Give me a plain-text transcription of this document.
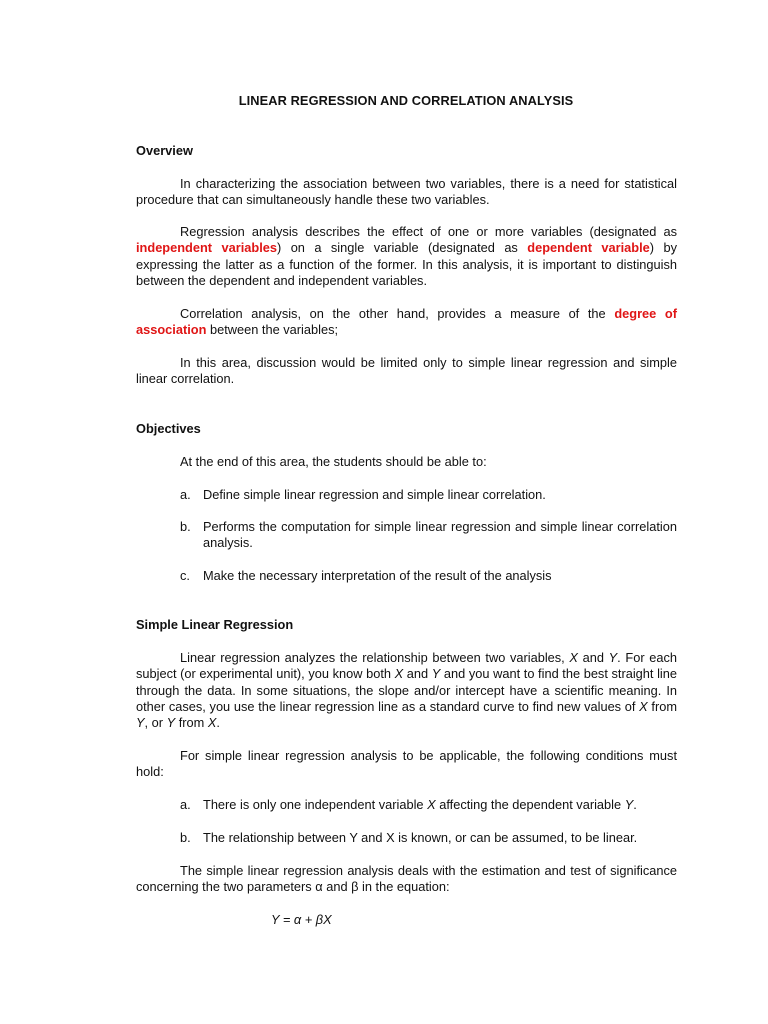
LINEAR REGRESSION AND CORRELATION ANALYSIS
Overview

In characterizing the association between two variables, there is a need for statistical procedure that can simultaneously handle these two variables.

Regression analysis describes the effect of one or more variables (designated as independent variables) on a single variable (designated as dependent variable) by expressing the latter as a function of the former. In this analysis, it is important to distinguish between the dependent and independent variables.

Correlation analysis, on the other hand, provides a measure of the degree of association between the variables;

In this area, discussion would be limited only to simple linear regression and simple linear correlation.

Objectives

At the end of this area, the students should be able to:

a. Define simple linear regression and simple linear correlation.
b. Performs the computation for simple linear regression and simple linear correlation analysis.
c.	Make the necessary interpretation of the result of the analysis
Simple Linear Regression

Linear regression analyzes the relationship between two variables, X and Y. For each subject (or experimental unit), you know both X and Y and you want to find the best straight line through the data. In some situations, the slope and/or intercept have a scientific meaning. In other cases, you use the linear regression line as a standard curve to find new values of X from Y, or Y from X.

For simple linear regression analysis to be applicable, the following conditions must hold:

a. There is only one independent variable X affecting the dependent variable Y.
b. The relationship between Y and X is known, or can be assumed, to be linear.

The simple linear regression analysis deals with the estimation and test of significance concerning the two parameters α and β in the equation:

Y = α + βX
